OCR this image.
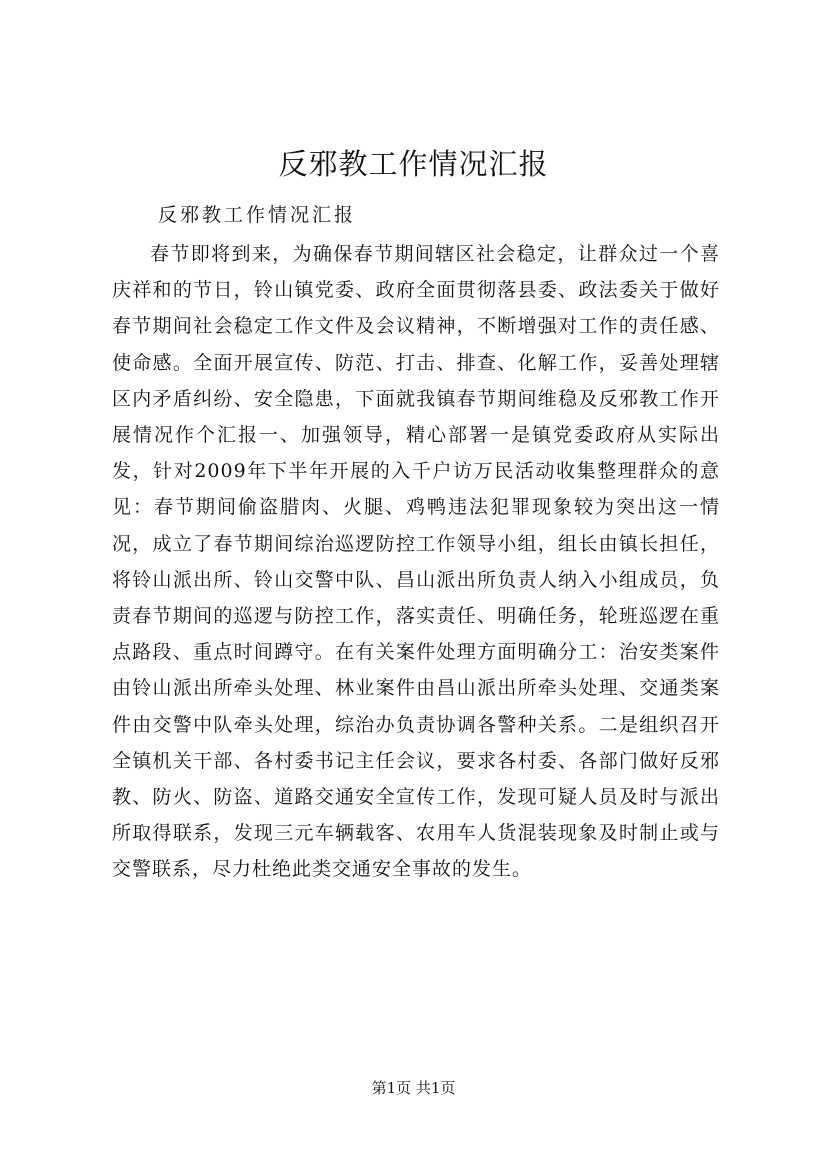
反邪教工作情况汇报
反邪教工作情况汇报
春节即将到来，为确保春节期间辖区社会稳定，让群众过一个喜庆祥和的节日，铃山镇党委、政府全面贯彻落县委、政法委关于做好春节期间社会稳定工作文件及会议精神，不断增强对工作的责任感、使命感。全面开展宣传、防范、打击、排查、化解工作，妥善处理辖区内矛盾纠纷、安全隐患，下面就我镇春节期间维稳及反邪教工作开展情况作个汇报一、加强领导，精心部署一是镇党委政府从实际出发，针对2009年下半年开展的入千户访万民活动收集整理群众的意见：春节期间偷盗腊肉、火腿、鸡鸭违法犯罪现象较为突出这一情况，成立了春节期间综治巡逻防控工作领导小组，组长由镇长担任，将铃山派出所、铃山交警中队、昌山派出所负责人纳入小组成员，负责春节期间的巡逻与防控工作，落实责任、明确任务，轮班巡逻在重点路段、重点时间蹲守。在有关案件处理方面明确分工：治安类案件由铃山派出所牵头处理、林业案件由昌山派出所牵头处理、交通类案件由交警中队牵头处理，综治办负责协调各警种关系。二是组织召开全镇机关干部、各村委书记主任会议，要求各村委、各部门做好反邪教、防火、防盗、道路交通安全宣传工作，发现可疑人员及时与派出所取得联系，发现三元车辆载客、农用车人货混装现象及时制止或与交警联系，尽力杜绝此类交通安全事故的发生。
第1页 共1页
